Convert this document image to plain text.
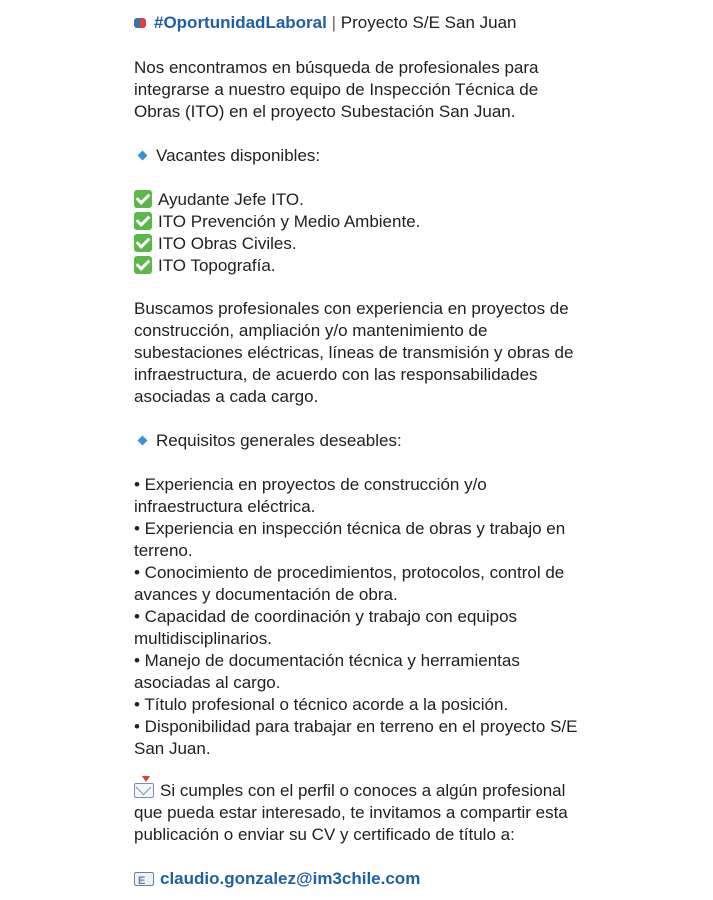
#OportunidadLaboral | Proyecto S/E San Juan
Nos encontramos en búsqueda de profesionales para
integrarse a nuestro equipo de Inspección Técnica de
Obras (ITO) en el proyecto Subestación San Juan.
Vacantes disponibles:
Ayudante Jefe ITO.
ITO Prevención y Medio Ambiente.
ITO Obras Civiles.
ITO Topografía.
Buscamos profesionales con experiencia en proyectos de
construcción, ampliación y/o mantenimiento de
subestaciones eléctricas, líneas de transmisión y obras de
infraestructura, de acuerdo con las responsabilidades
asociadas a cada cargo.
Requisitos generales deseables:
• Experiencia en proyectos de construcción y/o
infraestructura eléctrica.
• Experiencia en inspección técnica de obras y trabajo en
terreno.
• Conocimiento de procedimientos, protocolos, control de
avances y documentación de obra.
• Capacidad de coordinación y trabajo con equipos
multidisciplinarios.
• Manejo de documentación técnica y herramientas
asociadas al cargo.
• Título profesional o técnico acorde a la posición.
• Disponibilidad para trabajar en terreno en el proyecto S/E
San Juan.
Si cumples con el perfil o conoces a algún profesional
que pueda estar interesado, te invitamos a compartir esta
publicación o enviar su CV y certificado de título a:
Eclaudio.gonzalez@im3chile.com
